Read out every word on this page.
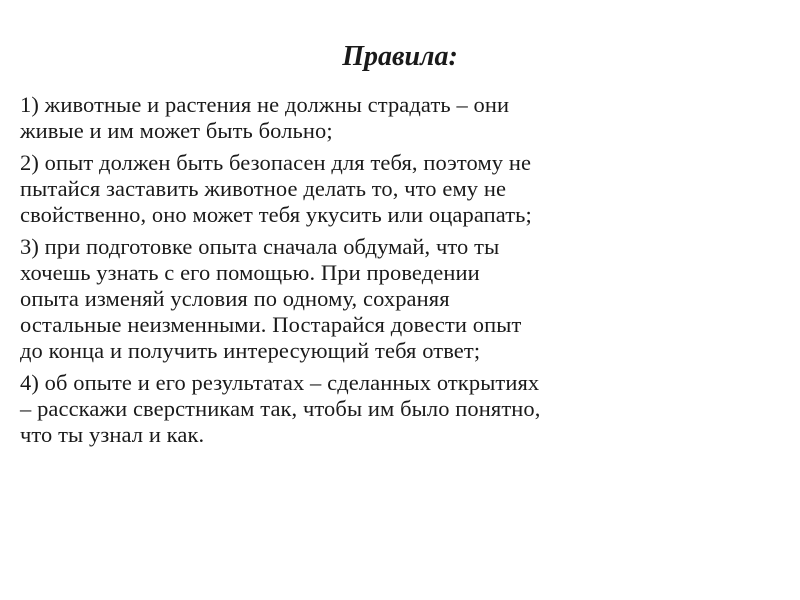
Правила:

1) животные и растения не должны страдать – они
живые и им может быть больно;

2) опыт должен быть безопасен для тебя, поэтому не
пытайся заставить животное делать то, что ему не
свойственно, оно может тебя укусить или оцарапать;

3) при подготовке опыта сначала обдумай, что ты
хочешь узнать с его помощью. При проведении
опыта изменяй условия по одному, сохраняя
остальные неизменными. Постарайся довести опыт
до конца и получить интересующий тебя ответ;

4) об опыте и его результатах – сделанных открытиях
– расскажи сверстникам так, чтобы им было понятно,
что ты узнал и как.
